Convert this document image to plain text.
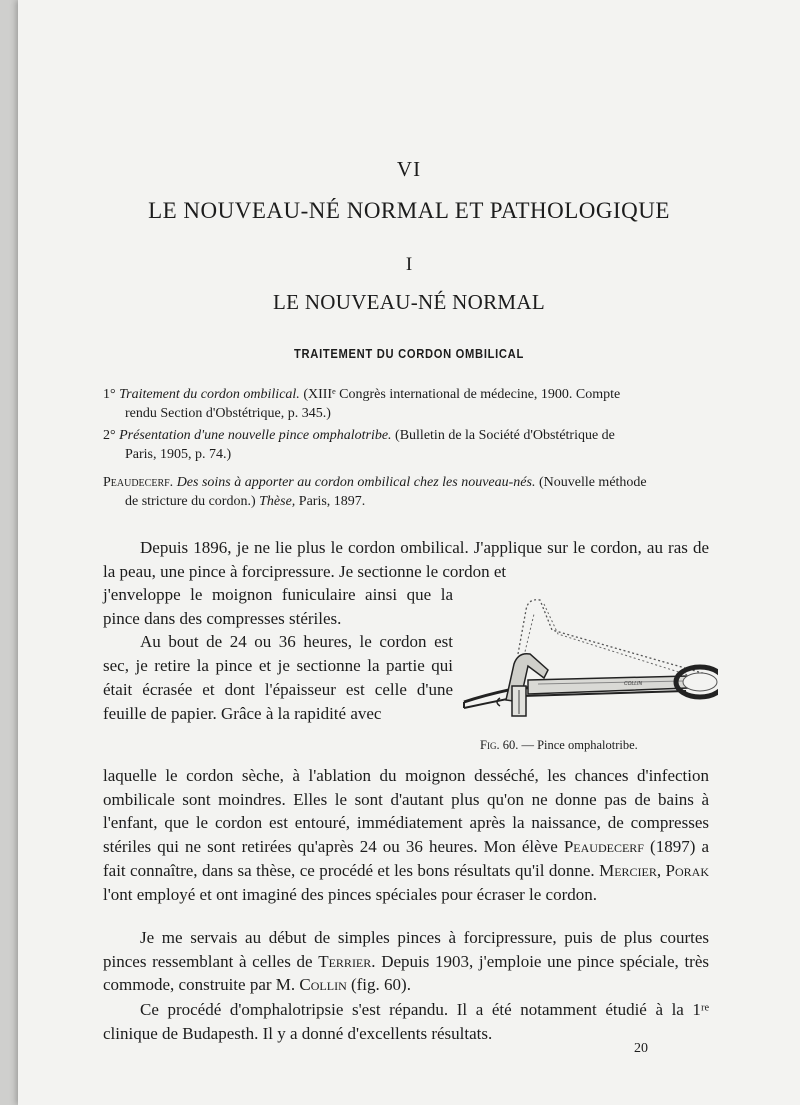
VI
LE NOUVEAU-NÉ NORMAL ET PATHOLOGIQUE
I
LE NOUVEAU-NÉ NORMAL
TRAITEMENT DU CORDON OMBILICAL
1° Traitement du cordon ombilical. (XIIIᵉ Congrès international de médecine, 1900. Compte
rendu Section d'Obstétrique, p. 345.)
2° Présentation d'une nouvelle pince omphalotribe. (Bulletin de la Société d'Obstétrique de
Paris, 1905, p. 74.)
Peaudecerf. Des soins à apporter au cordon ombilical chez les nouveau-nés. (Nouvelle méthode
de stricture du cordon.) Thèse, Paris, 1897.

Depuis 1896, je ne lie plus le cordon ombilical. J'applique sur le cordon, au ras de la peau, une pince à forcipressure. Je sectionne le cordon et

j'enveloppe le moignon funiculaire ainsi que la pince dans des compresses stériles.

Au bout de 24 ou 36 heures, le cordon est sec, je retire la pince et je sectionne la partie qui était écrasée et dont l'épaisseur est celle d'une feuille de papier. Grâce à la rapidité avec

COLLIN
Fig. 60. — Pince omphalotribe.

laquelle le cordon sèche, à l'ablation du moignon desséché, les chances d'infection ombilicale sont moindres. Elles le sont d'autant plus qu'on ne donne pas de bains à l'enfant, que le cordon est entouré, immédiatement après la naissance, de compresses stériles qui ne sont retirées qu'après 24 ou 36 heures. Mon élève Peaudecerf (1897) a fait connaître, dans sa thèse, ce procédé et les bons résultats qu'il donne. Mercier, Porak l'ont employé et ont imaginé des pinces spéciales pour écraser le cordon.

Je me servais au début de simples pinces à forcipressure, puis de plus courtes pinces ressemblant à celles de Terrier. Depuis 1903, j'emploie une pince spéciale, très commode, construite par M. Collin (fig. 60).

Ce procédé d'omphalotripsie s'est répandu. Il a été notamment étudié à la 1ʳᵉ clinique de Budapesth. Il y a donné d'excellents résultats.

20
